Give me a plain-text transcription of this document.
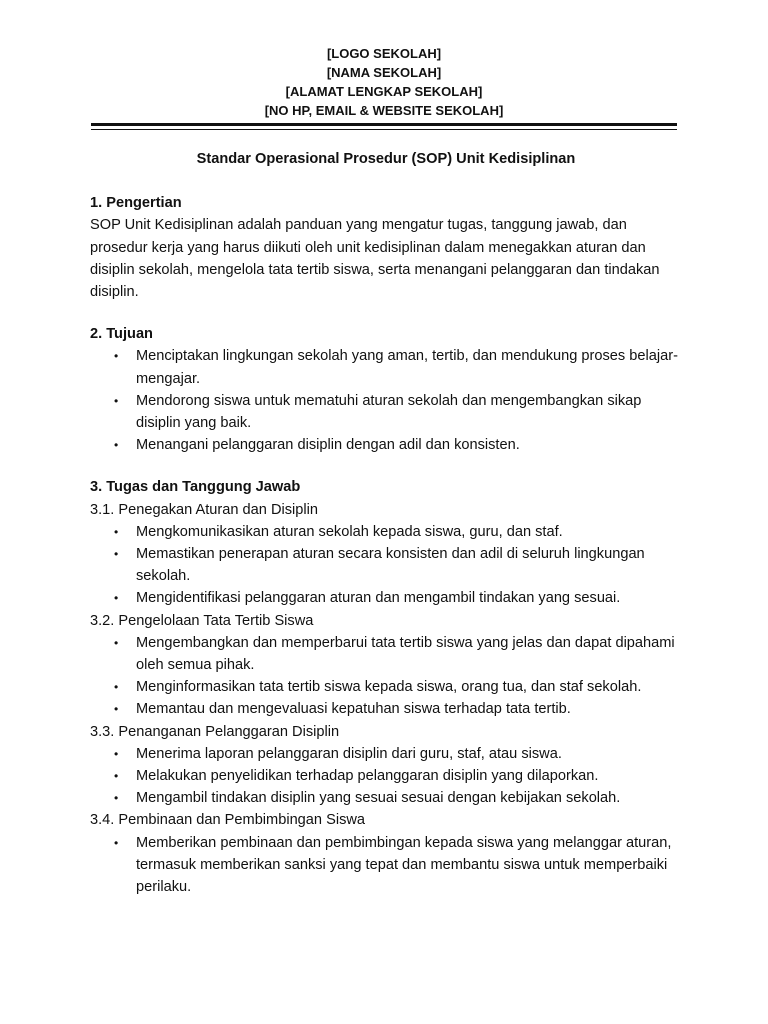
[LOGO SEKOLAH]
[NAMA SEKOLAH]
[ALAMAT LENGKAP SEKOLAH]
[NO HP, EMAIL & WEBSITE SEKOLAH]

Standar Operasional Prosedur (SOP) Unit Kedisiplinan

1. Pengertian

SOP Unit Kedisiplinan adalah panduan yang mengatur tugas, tanggung jawab, dan prosedur kerja yang harus diikuti oleh unit kedisiplinan dalam menegakkan aturan dan disiplin sekolah, mengelola tata tertib siswa, serta menangani pelanggaran dan tindakan disiplin.

2. Tujuan

• Menciptakan lingkungan sekolah yang aman, tertib, dan mendukung proses belajar-mengajar.
• Mendorong siswa untuk mematuhi aturan sekolah dan mengembangkan sikap disiplin yang baik.
• Menangani pelanggaran disiplin dengan adil dan konsisten.

3. Tugas dan Tanggung Jawab

3.1. Penegakan Aturan dan Disiplin

• Mengkomunikasikan aturan sekolah kepada siswa, guru, dan staf.
• Memastikan penerapan aturan secara konsisten dan adil di seluruh lingkungan sekolah.
• Mengidentifikasi pelanggaran aturan dan mengambil tindakan yang sesuai.

3.2. Pengelolaan Tata Tertib Siswa

• Mengembangkan dan memperbarui tata tertib siswa yang jelas dan dapat dipahami oleh semua pihak.
• Menginformasikan tata tertib siswa kepada siswa, orang tua, dan staf sekolah.
• Memantau dan mengevaluasi kepatuhan siswa terhadap tata tertib.

3.3. Penanganan Pelanggaran Disiplin

• Menerima laporan pelanggaran disiplin dari guru, staf, atau siswa.
• Melakukan penyelidikan terhadap pelanggaran disiplin yang dilaporkan.
• Mengambil tindakan disiplin yang sesuai sesuai dengan kebijakan sekolah.

3.4. Pembinaan dan Pembimbingan Siswa

• Memberikan pembinaan dan pembimbingan kepada siswa yang melanggar aturan, termasuk memberikan sanksi yang tepat dan membantu siswa untuk memperbaiki perilaku.
